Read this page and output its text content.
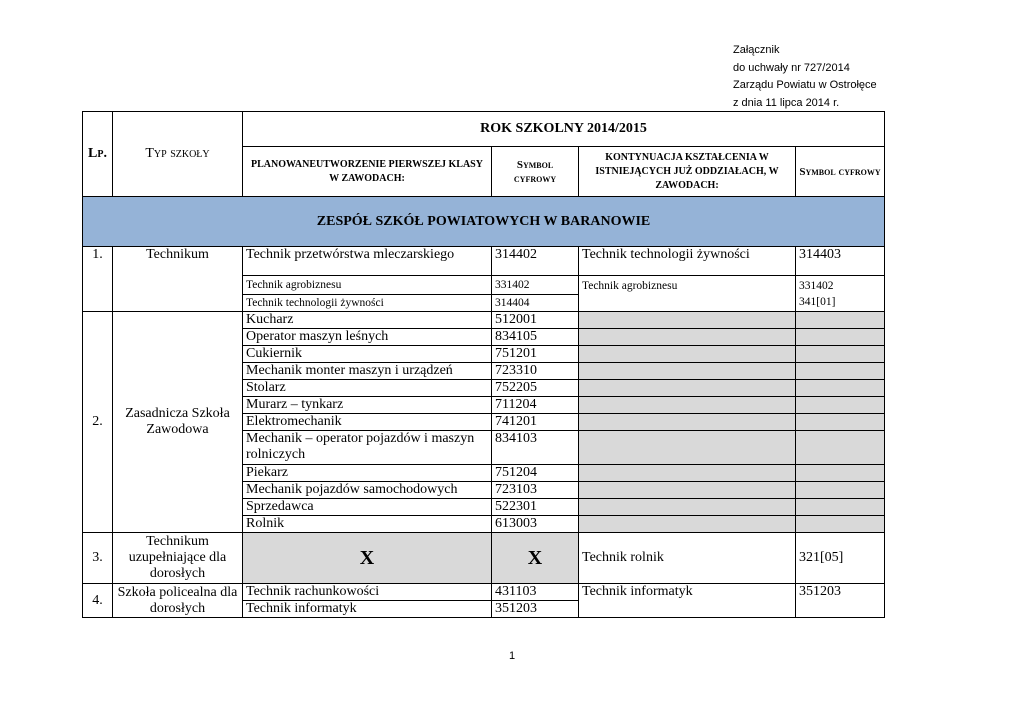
Załącznik
do uchwały nr 727/2014
Zarządu Powiatu w Ostrołęce
z dnia 11 lipca 2014 r.
Lp.	Typ szkoły	ROK SZKOLNY 2014/2015			
		PLANOWANEUTWORZENIE PIERWSZEJ KLASY W ZAWODACH:	Symbol cyfrowy	KONTYNUACJA KSZTAŁCENIA W ISTNIEJĄCYCH JUŻ ODDZIAŁACH, W ZAWODACH:	Symbol cyfrowy
ZESPÓŁ SZKÓŁ POWIATOWYCH W BARANOWIE					
1.	Technikum	Technik przetwórstwa mleczarskiego	314402	Technik technologii żywności	314403
		Technik agrobiznesu	331402	Technik agrobiznesu	331402
341[01]

		Technik technologii żywności	314404		
2.	Zasadnicza Szkoła Zawodowa	Kucharz	512001		
		Operator maszyn leśnych	834105		
		Cukiernik	751201		
		Mechanik monter maszyn i urządzeń	723310		
		Stolarz	752205		
		Murarz – tynkarz	711204		
		Elektromechanik	741201		
		Mechanik – operator pojazdów i maszyn rolniczych	834103		
		Piekarz	751204		
		Mechanik pojazdów samochodowych	723103		
		Sprzedawca	522301		
		Rolnik	613003		
3.	Technikum uzupełniające dla dorosłych	X	X	Technik rolnik	321[05]
4.	Szkoła policealna dla dorosłych	Technik rachunkowości	431103	Technik informatyk	351203
		Technik informatyk	351203		
1
